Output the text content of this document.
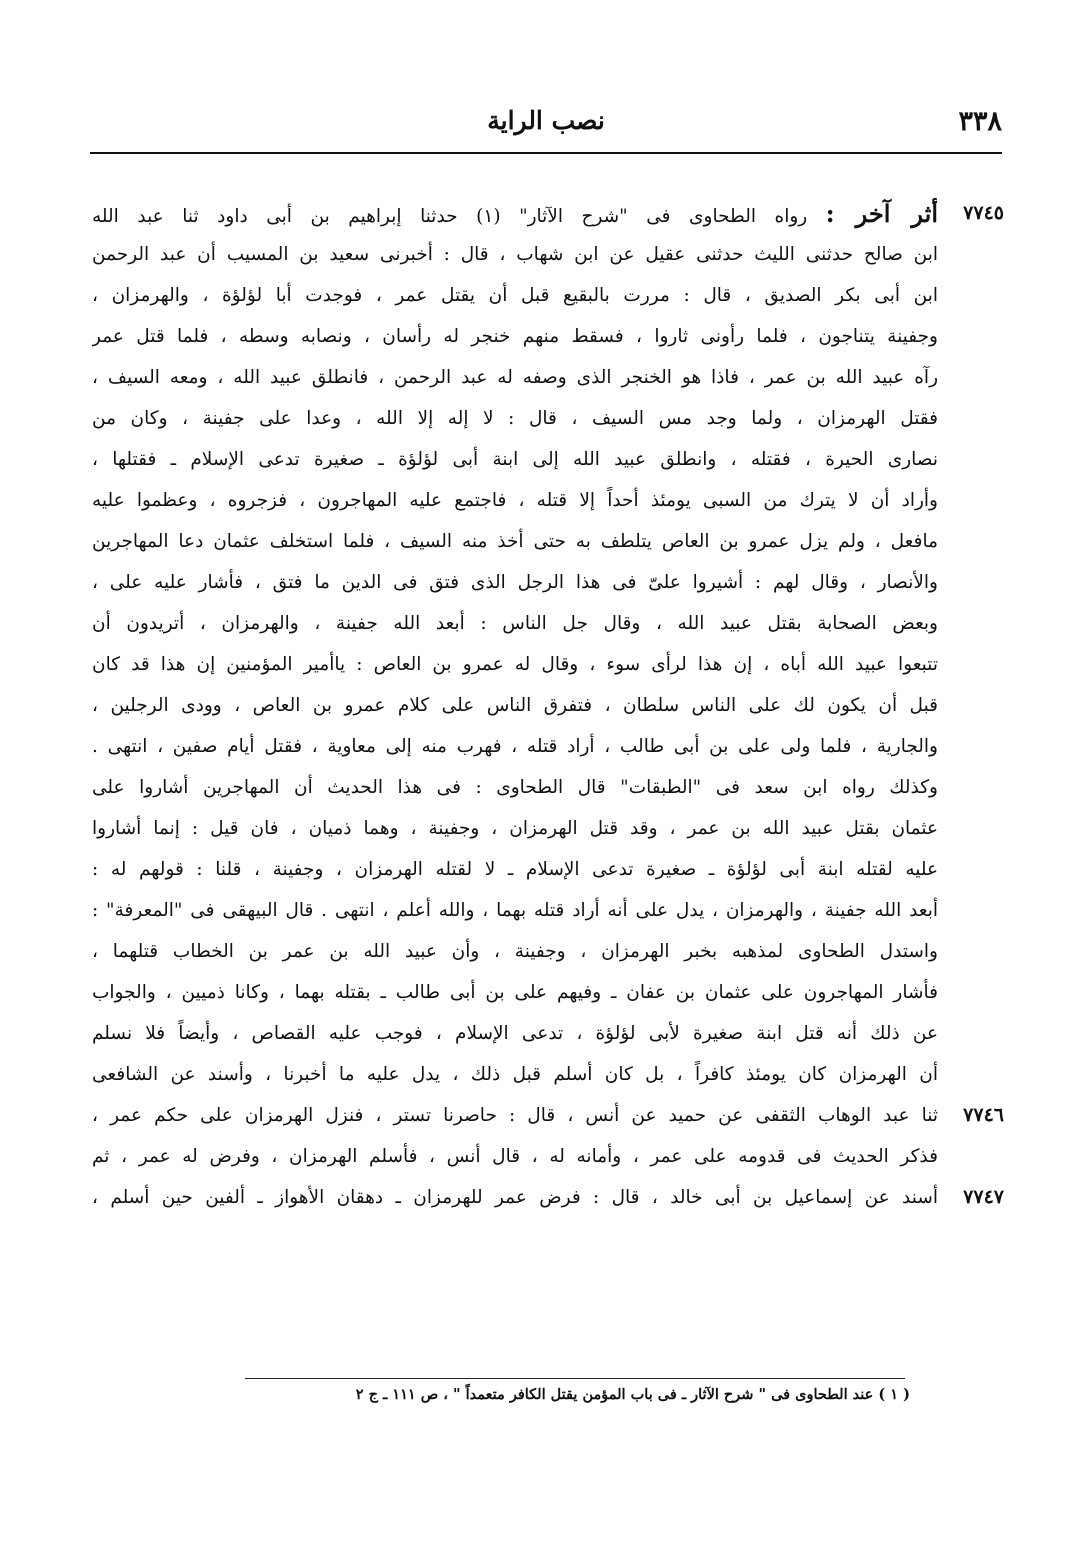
٣٣٨
نصب الراية
٧٧٤٥
أثر آخر : رواه الطحاوى فى "شرح الآثار" (١) حدثنا إبراهيم بن أبى داود ثنا عبد الله
ابن صالح حدثنى الليث حدثنى عقيل عن ابن شهاب ، قال : أخبرنى سعيد بن المسيب أن عبد الرحمن
ابن أبى بكر الصديق ، قال : مررت بالبقيع قبل أن يقتل عمر ، فوجدت أبا لؤلؤة ، والهرمزان ،
وجفينة يتناجون ، فلما رأونى ثاروا ، فسقط منهم خنجر له رأسان ، ونصابه وسطه ، فلما قتل عمر
رآه عبيد الله بن عمر ، فاذا هو الخنجر الذى وصفه له عبد الرحمن ، فانطلق عبيد الله ، ومعه السيف ،
فقتل الهرمزان ، ولما وجد مس السيف ، قال : لا إله إلا الله ، وعدا على جفينة ، وكان من
نصارى الحيرة ، فقتله ، وانطلق عبيد الله إلى ابنة أبى لؤلؤة ـ صغيرة تدعى الإسلام ـ فقتلها ،
وأراد أن لا يترك من السبى يومئذ أحداً إلا قتله ، فاجتمع عليه المهاجرون ، فزجروه ، وعظموا عليه
مافعل ، ولم يزل عمرو بن العاص يتلطف به حتى أخذ منه السيف ، فلما استخلف عثمان دعا المهاجرين
والأنصار ، وقال لهم : أشيروا علىّ فى هذا الرجل الذى فتق فى الدين ما فتق ، فأشار عليه على ،
وبعض الصحابة بقتل عبيد الله ، وقال جل الناس : أبعد الله جفينة ، والهرمزان ، أتريدون أن
تتبعوا عبيد الله أباه ، إن هذا لرأى سوء ، وقال له عمرو بن العاص : ياأمير المؤمنين إن هذا قد كان
قبل أن يكون لك على الناس سلطان ، فتفرق الناس على كلام عمرو بن العاص ، وودى الرجلين ،
والجارية ، فلما ولى على بن أبى طالب ، أراد قتله ، فهرب منه إلى معاوية ، فقتل أيام صفين ، انتهى .
وكذلك رواه ابن سعد فى "الطبقات" قال الطحاوى : فى هذا الحديث أن المهاجرين أشاروا على
عثمان بقتل عبيد الله بن عمر ، وقد قتل الهرمزان ، وجفينة ، وهما ذميان ، فان قيل : إنما أشاروا
عليه لقتله ابنة أبى لؤلؤة ـ صغيرة تدعى الإسلام ـ لا لقتله الهرمزان ، وجفينة ، قلنا : قولهم له :
أبعد الله جفينة ، والهرمزان ، يدل على أنه أراد قتله بهما ، والله أعلم ، انتهى . قال البيهقى فى "المعرفة" :
واستدل الطحاوى لمذهبه بخبر الهرمزان ، وجفينة ، وأن عبيد الله بن عمر بن الخطاب قتلهما ،
فأشار المهاجرون على عثمان بن عفان ـ وفيهم على بن أبى طالب ـ بقتله بهما ، وكانا ذميين ، والجواب
عن ذلك أنه قتل ابنة صغيرة لأبى لؤلؤة ، تدعى الإسلام ، فوجب عليه القصاص ، وأيضاً فلا نسلم
أن الهرمزان كان يومئذ كافراً ، بل كان أسلم قبل ذلك ، يدل عليه ما أخبرنا ، وأسند عن الشافعى
٧٧٤٦
ثنا عبد الوهاب الثقفى عن حميد عن أنس ، قال : حاصرنا تستر ، فنزل الهرمزان على حكم عمر ،
فذكر الحديث فى قدومه على عمر ، وأمانه له ، قال أنس ، فأسلم الهرمزان ، وفرض له عمر ، ثم
٧٧٤٧
أسند عن إسماعيل بن أبى خالد ، قال : فرض عمر للهرمزان ـ دهقان الأهواز ـ ألفين حين أسلم ،
( ١ ) عند الطحاوى فى " شرح الآثار ـ فى باب المؤمن يقتل الكافر متعمداً " ، ص ١١١ ـ ج ٢
